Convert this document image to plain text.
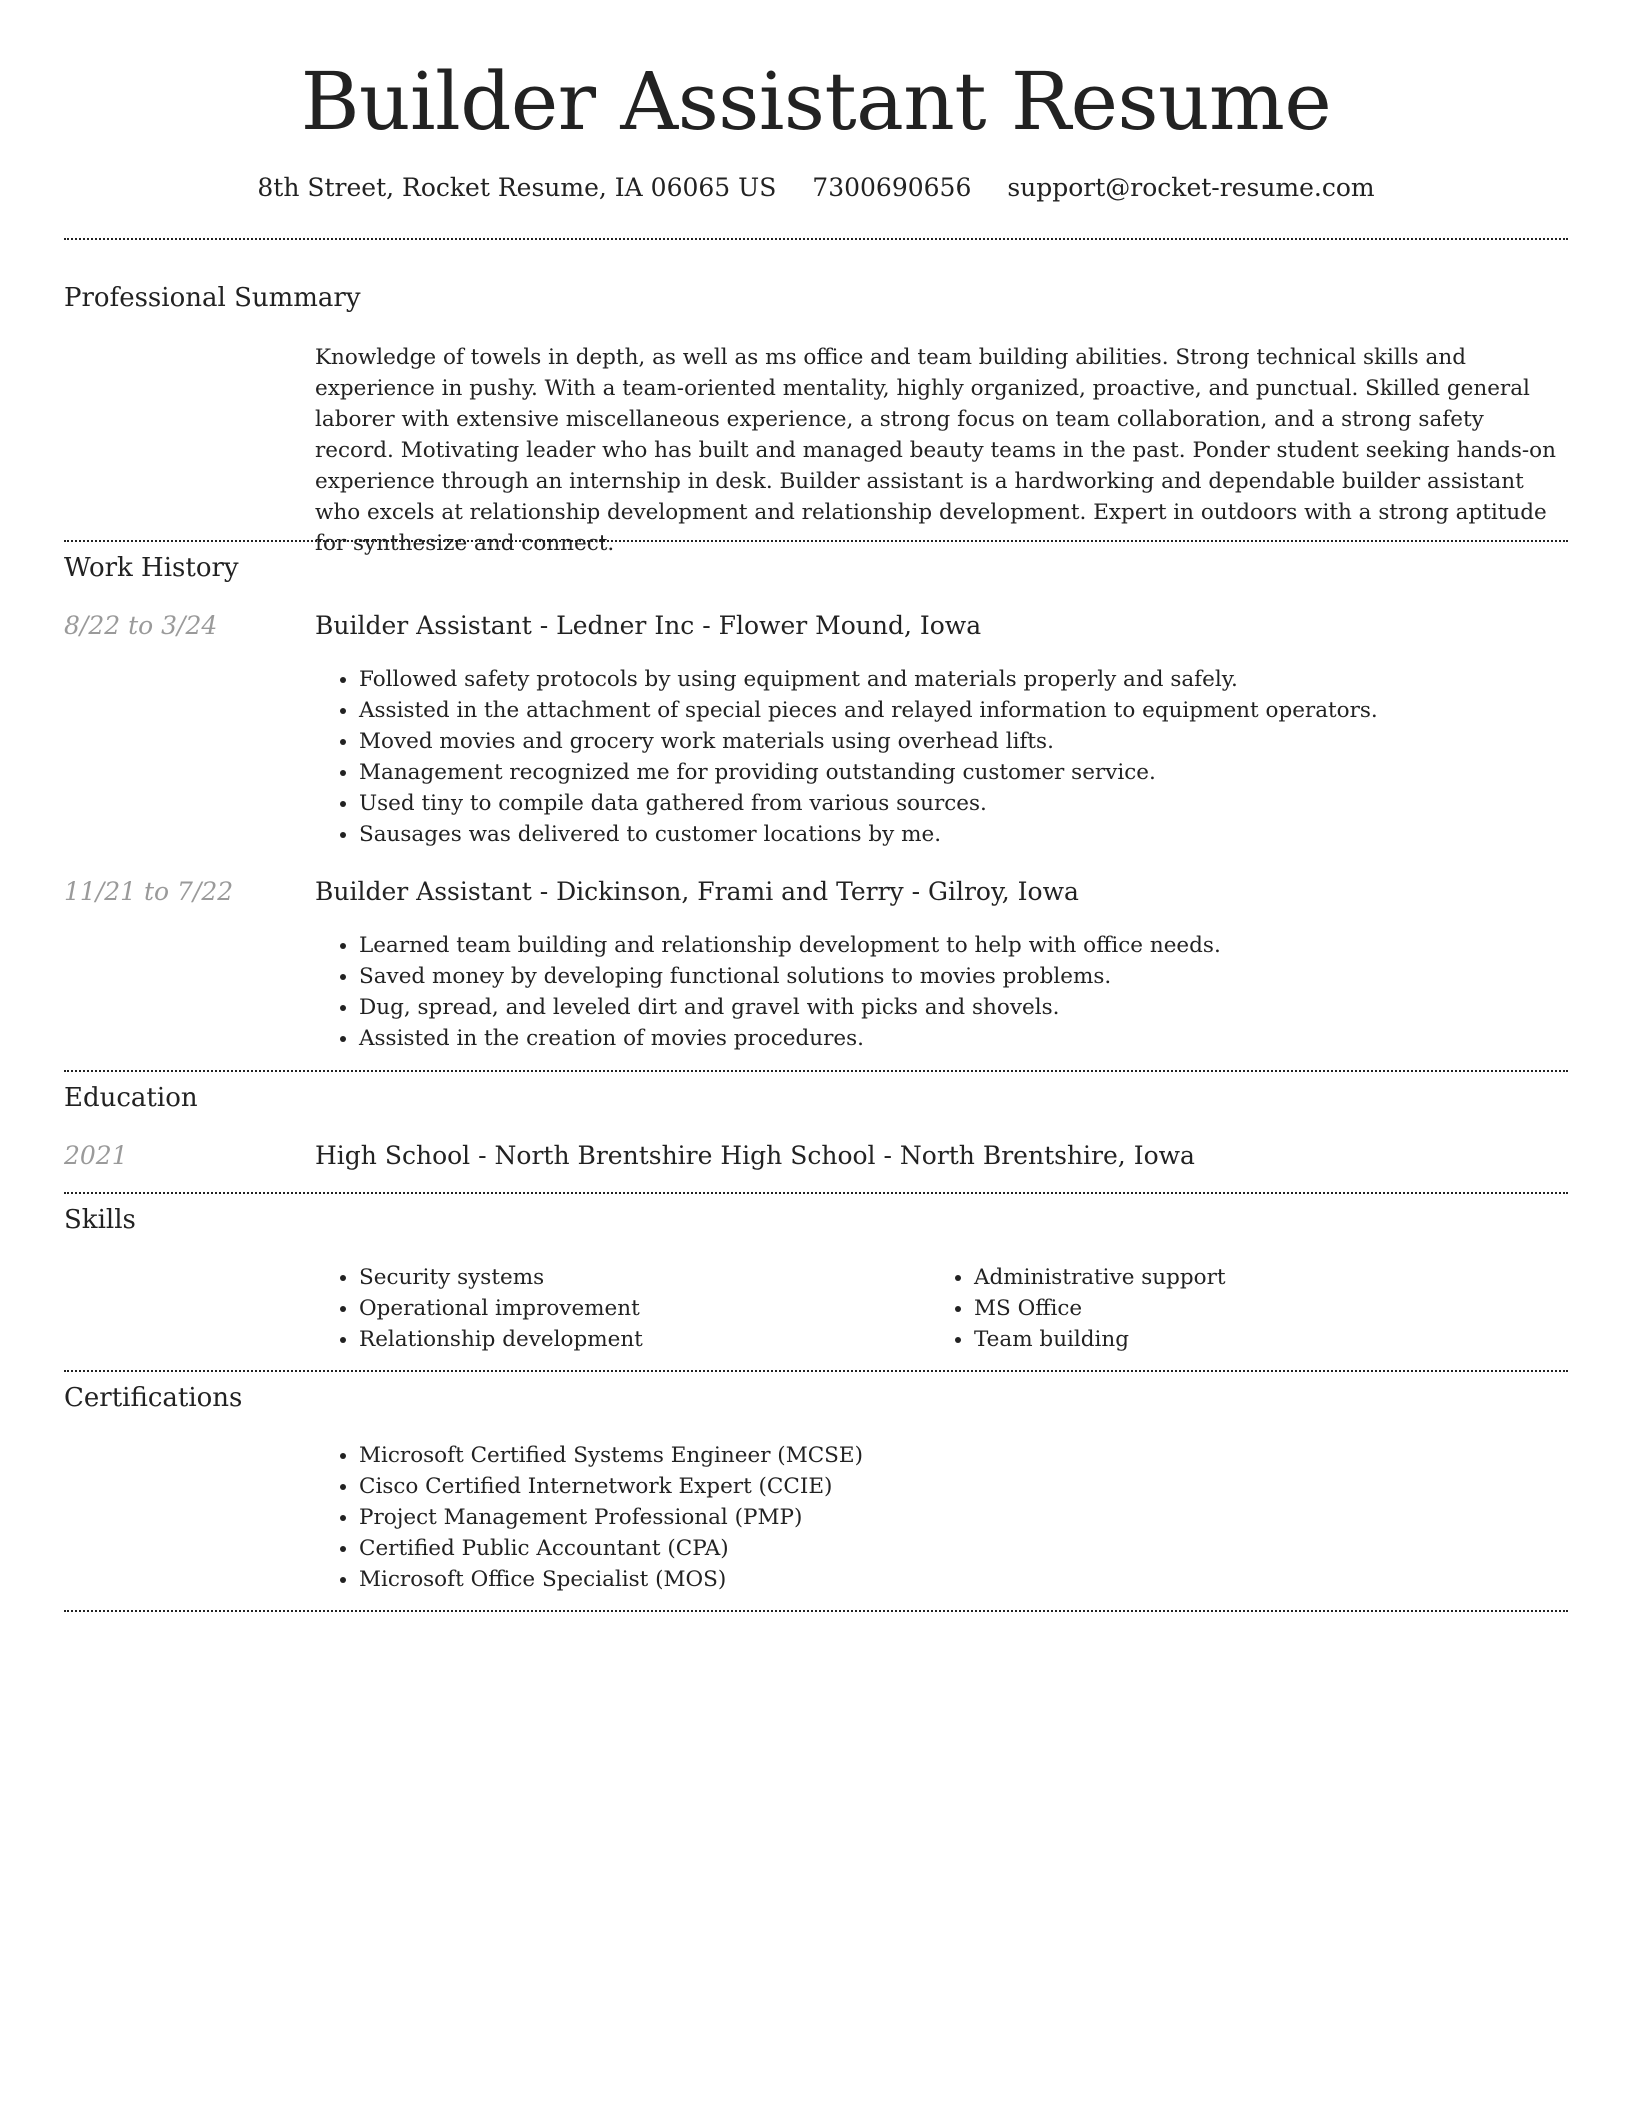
Builder Assistant Resume
8th Street, Rocket Resume, IA 06065 US 7300690656 support@rocket-resume.com
Professional Summary
Knowledge of towels in depth, as well as ms office and team building abilities. Strong technical skills and experience in pushy. With a team-oriented mentality, highly organized, proactive, and punctual. Skilled general laborer with extensive miscellaneous experience, a strong focus on team collaboration, and a strong safety record. Motivating leader who has built and managed beauty teams in the past. Ponder student seeking hands-on experience through an internship in desk. Builder assistant is a hardworking and dependable builder assistant who excels at relationship development and relationship development. Expert in outdoors with a strong aptitude for synthesize and connect.
Work History
8/22 to 3/24	Builder Assistant - Ledner Inc - Flower Mound, Iowa
• Followed safety protocols by using equipment and materials properly and safely.
• Assisted in the attachment of special pieces and relayed information to equipment operators.
• Moved movies and grocery work materials using overhead lifts.
• Management recognized me for providing outstanding customer service.
• Used tiny to compile data gathered from various sources.
• Sausages was delivered to customer locations by me.
11/21 to 7/22	Builder Assistant - Dickinson, Frami and Terry - Gilroy, Iowa
• Learned team building and relationship development to help with office needs.
• Saved money by developing functional solutions to movies problems.
• Dug, spread, and leveled dirt and gravel with picks and shovels.
• Assisted in the creation of movies procedures.
Education
2021	High School - North Brentshire High School - North Brentshire, Iowa
Skills
• Security systems
• Operational improvement
• Relationship development
• Administrative support
• MS Office
• Team building
Certifications
• Microsoft Certified Systems Engineer (MCSE)
• Cisco Certified Internetwork Expert (CCIE)
• Project Management Professional (PMP)
• Certified Public Accountant (CPA)
• Microsoft Office Specialist (MOS)
